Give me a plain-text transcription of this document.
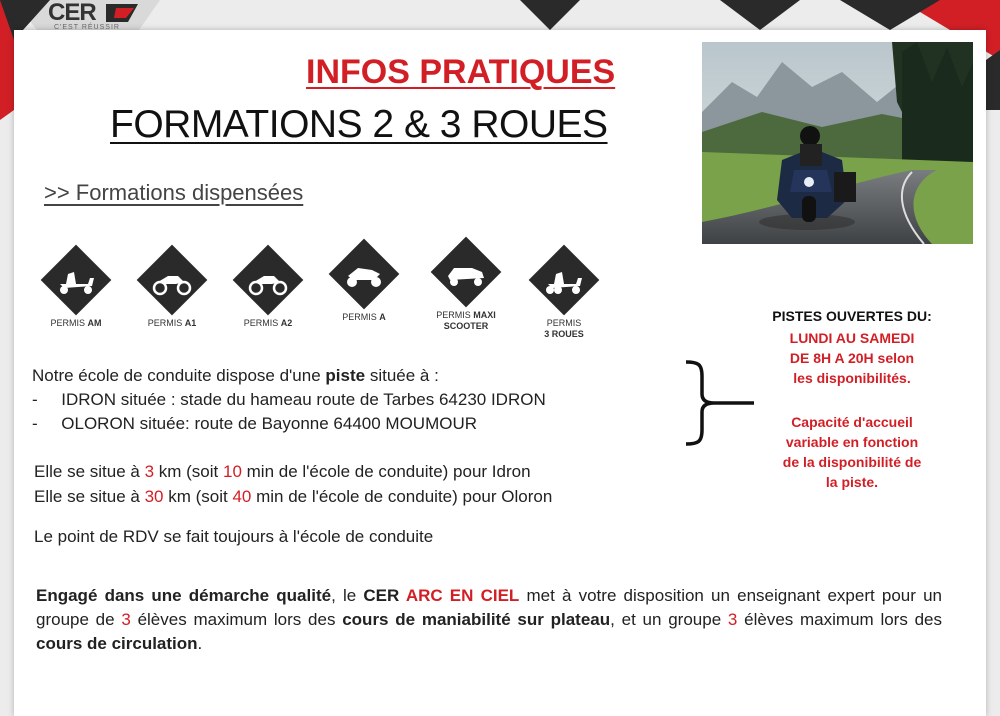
CER
C'EST RÉUSSIR
INFOS PRATIQUES
FORMATIONS 2 & 3 ROUES
>> Formations dispensées
PERMIS AM	PERMIS A1	PERMIS A2
PERMIS A	PERMIS MAXI
SCOOTER	PERMIS
3 ROUES
PISTES OUVERTES DU:
LUNDI AU SAMEDI
DE 8H A 20H selon
les disponibilités.
Capacité d'accueil
variable en fonction
de la disponibilité de
la piste.
Notre école de conduite dispose d'une piste située à :
-     IDRON située : stade du hameau route de Tarbes 64230 IDRON
-     OLORON située: route de Bayonne 64400 MOUMOUR
Elle se situe à 3 km (soit 10 min de l'école de conduite) pour Idron
Elle se situe à 30 km (soit 40 min de l'école de conduite) pour Oloron
Le point de RDV se fait toujours à l'école de conduite
Engagé dans une démarche qualité, le CER ARC EN CIEL met à votre disposition un enseignant expert pour un groupe de 3 élèves maximum lors des cours de maniabilité sur plateau, et un groupe 3 élèves maximum lors des cours de circulation.
